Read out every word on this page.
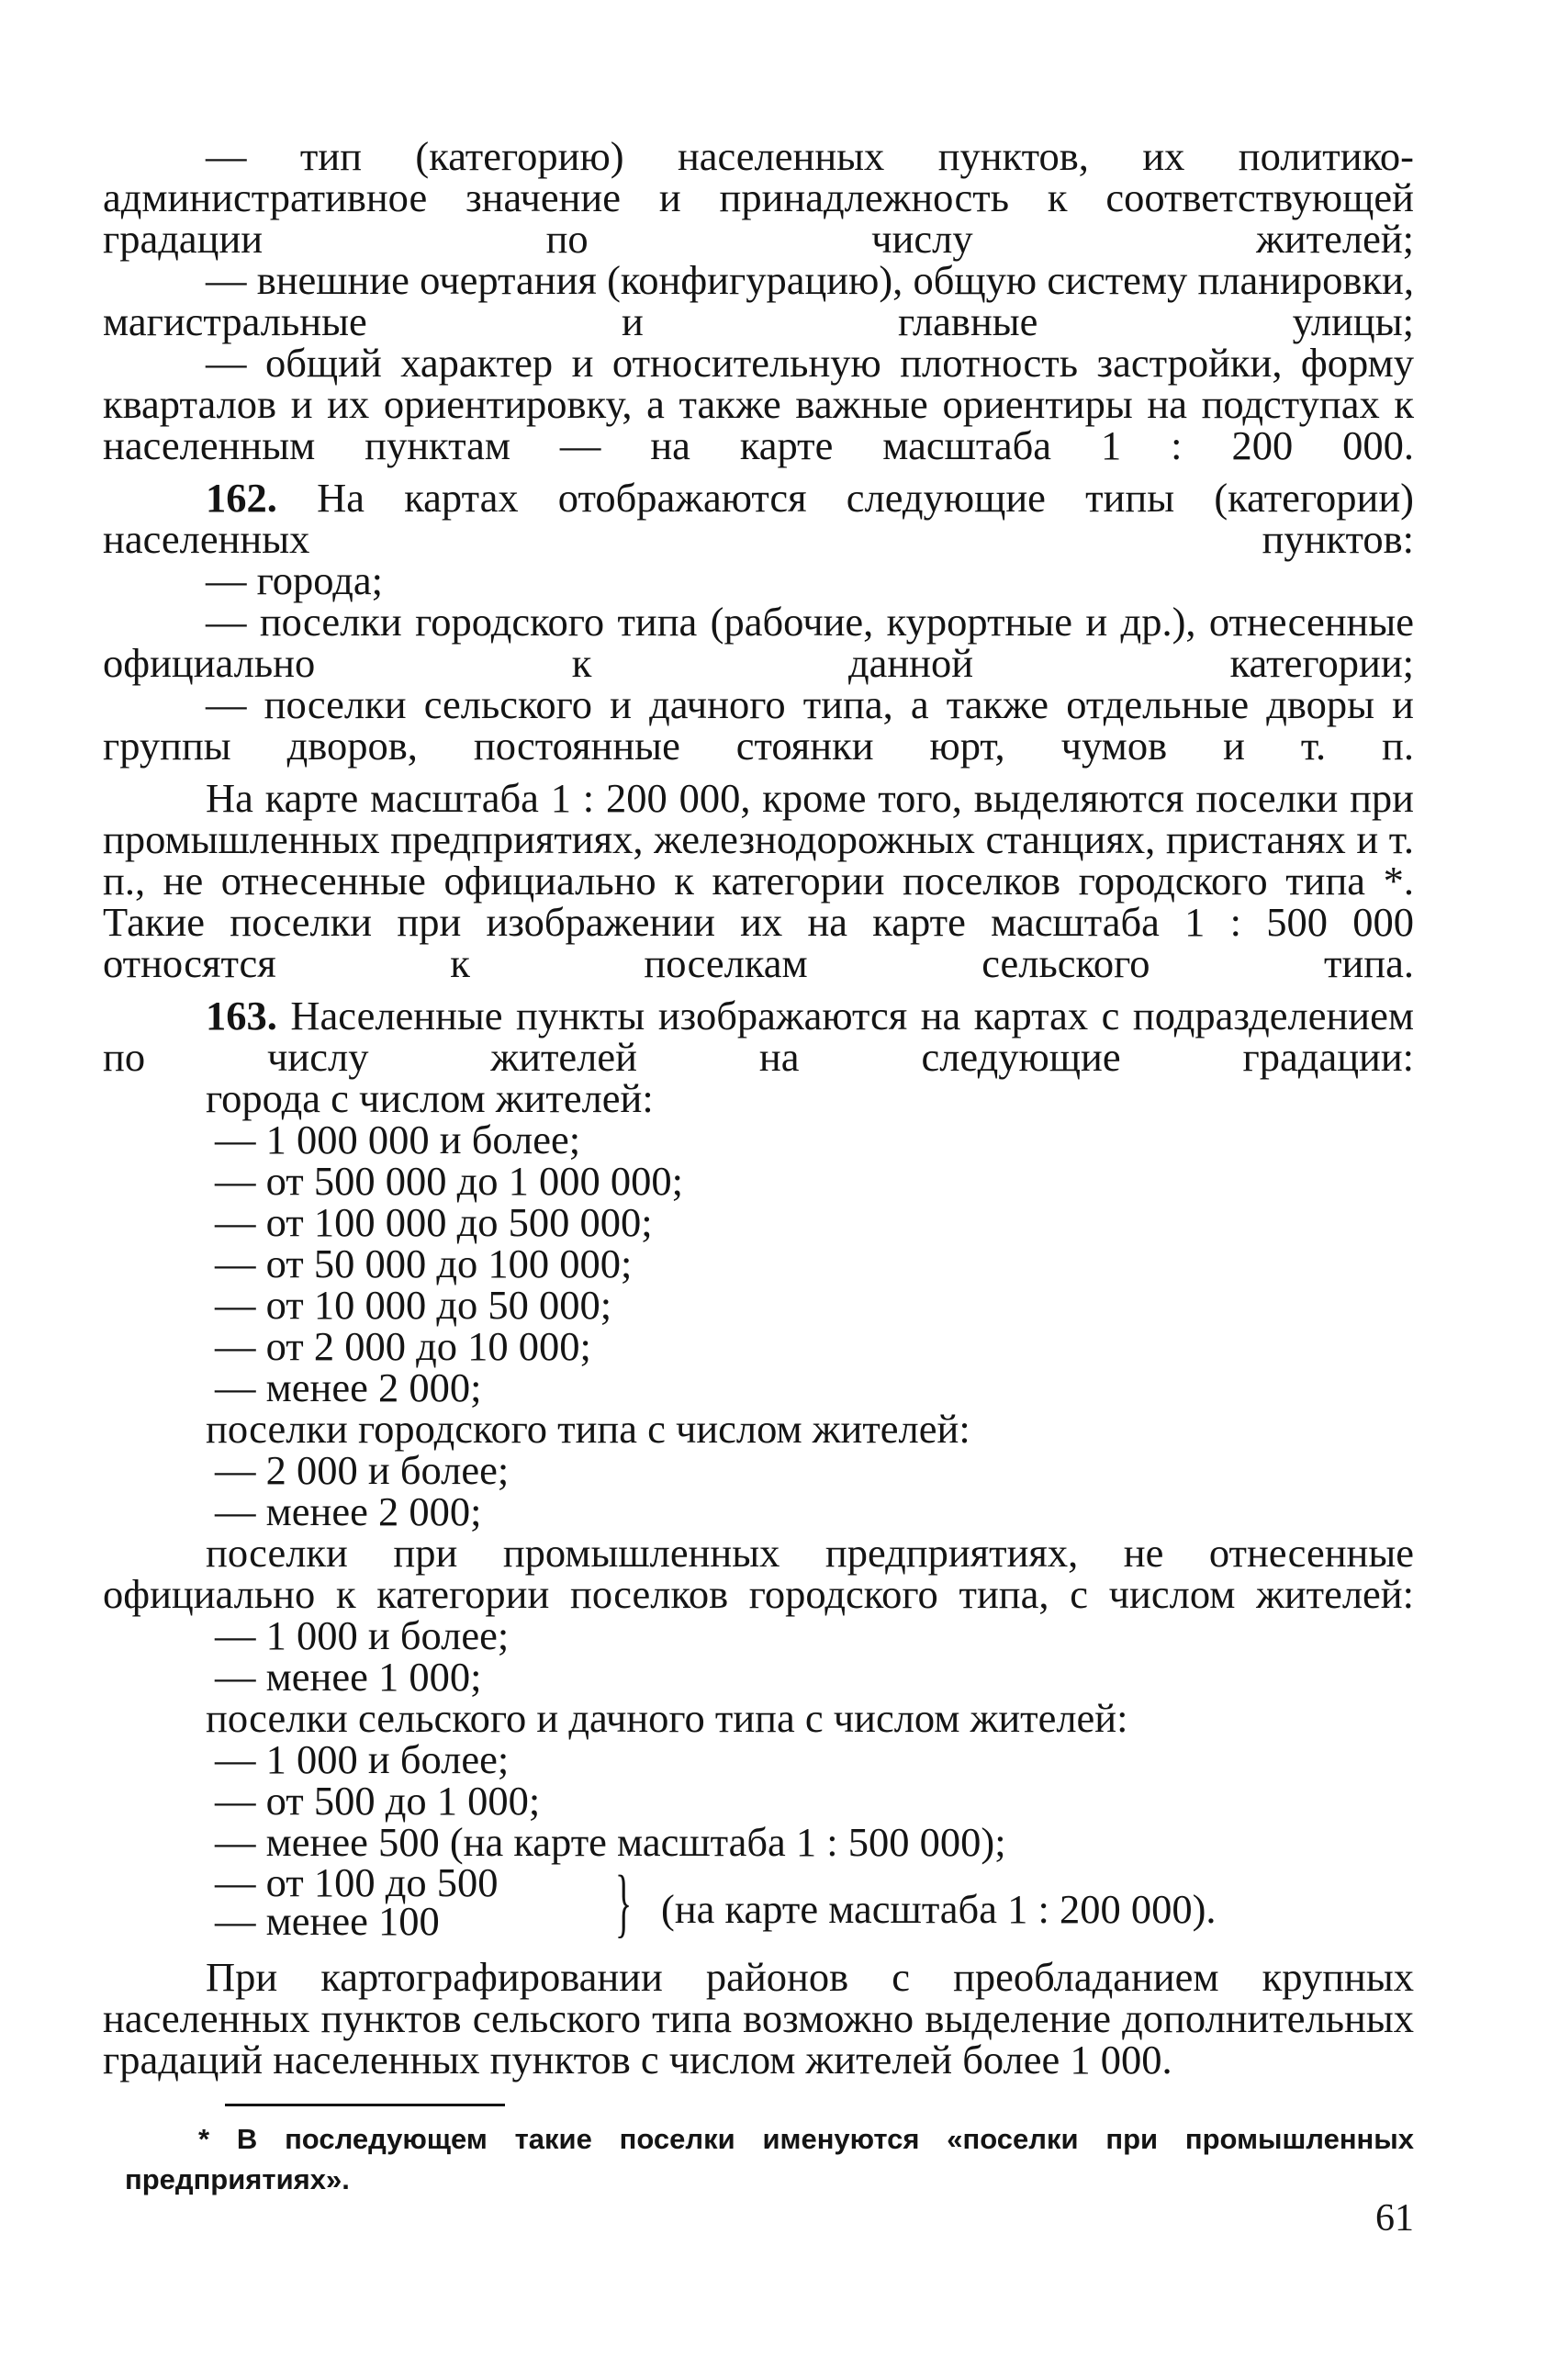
— тип (категорию) населенных пунктов, их политико-административное значение и принадлежность к соответствующей градации по числу жителей;

— внешние очертания (конфигурацию), общую систему планировки, магистральные и главные улицы;

— общий характер и относительную плотность застройки, форму кварталов и их ориентировку, а также важные ориентиры на подступах к населенным пунктам — на карте масштаба 1 : 200 000.

162. На картах отображаются следующие типы (категории) населенных пунктов:

— города;

— поселки городского типа (рабочие, курортные и др.), отнесенные официально к данной категории;

— поселки сельского и дачного типа, а также отдельные дворы и группы дворов, постоянные стоянки юрт, чумов и т. п.

На карте масштаба 1 : 200 000, кроме того, выделяются поселки при промышленных предприятиях, железнодорожных станциях, пристанях и т. п., не отнесенные официально к категории поселков городского типа *. Такие поселки при изображении их на карте масштаба 1 : 500 000 относятся к поселкам сельского типа.

163. Населенные пункты изображаются на картах с подразделением по числу жителей на следующие градации:

города с числом жителей:

— 1 000 000 и более;

— от 500 000 до 1 000 000;

— от 100 000 до 500 000;

— от 50 000 до 100 000;

— от 10 000 до 50 000;

— от 2 000 до 10 000;

— менее 2 000;

поселки городского типа с числом жителей:

— 2 000 и более;

— менее 2 000;

поселки при промышленных предприятиях, не отнесенные официально к категории поселков городского типа, с числом жителей:

— 1 000 и более;

— менее 1 000;

поселки сельского и дачного типа с числом жителей:

— 1 000 и более;

— от 500 до 1 000;

— менее 500 (на карте масштаба 1 : 500 000);

— от 100 до 500
— менее 100	} (на карте масштаба 1 : 200 000).

При картографировании районов с преобладанием крупных населенных пунктов сельского типа возможно выделение дополнительных градаций населенных пунктов с числом жителей более 1 000.

* В последующем такие поселки именуются «поселки при промышленных предприятиях».

61
